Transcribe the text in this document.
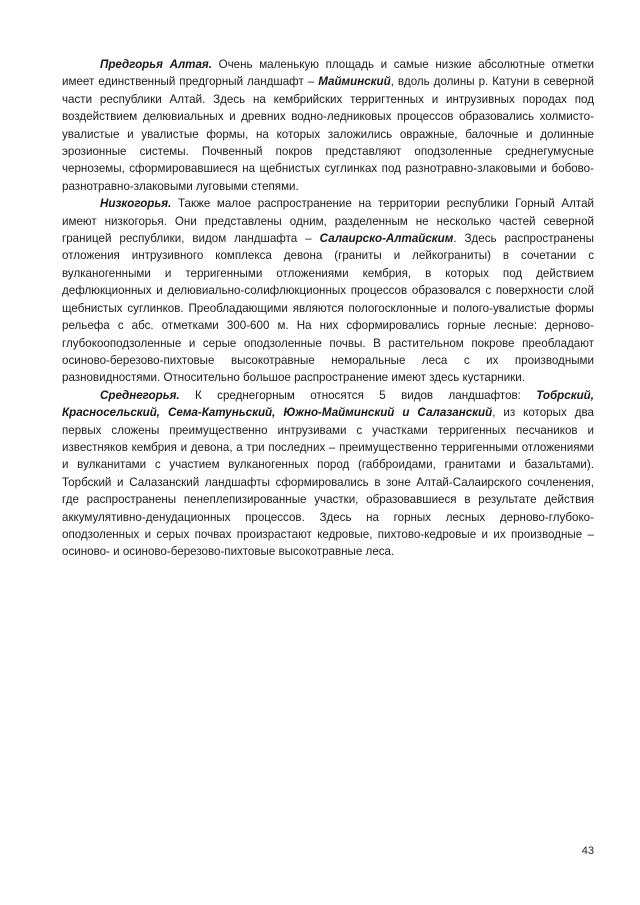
Предгорья Алтая. Очень маленькую площадь и самые низкие абсолютные отметки имеет единственный предгорный ландшафт – Майминский, вдоль долины р. Катуни в северной части республики Алтай. Здесь на кембрийских терригтенных и интрузивных породах под воздействием делювиальных и древних водно-ледниковых процессов образовались холмисто-увалистые и увалистые формы, на которых заложились овражные, балочные и долинные эрозионные системы. Почвенный покров представляют оподзоленные среднегумусные черноземы, сформировавшиеся на щебнистых суглинках под разнотравно-злаковыми и бобово-разнотравно-злаковыми луговыми степями.

Низкогорья. Также малое распространение на территории республики Горный Алтай имеют низкогорья. Они представлены одним, разделенным не несколько частей северной границей республики, видом ландшафта – Салаирско-Алтайским. Здесь распространены отложения интрузивного комплекса девона (граниты и лейкограниты) в сочетании с вулканогенными и терригенными отложениями кембрия, в которых под действием дефлюкционных и делювиально-солифлюкционных процессов образовался с поверхности слой щебнистых суглинков. Преобладающими являются пологосклонные и полого-увалистые формы рельефа с абс. отметками 300-600 м. На них сформировались горные лесные: дерново-глубокооподзоленные и серые оподзоленные почвы. В растительном покрове преобладают осиново-березово-пихтовые высокотравные неморальные леса с их производными разновидностями. Относительно большое распространение имеют здесь кустарники.

Среднегорья. К среднегорным относятся 5 видов ландшафтов: Тобрский, Красносельский, Сема-Катуньский, Южно-Майминский и Салазанский, из которых два первых сложены преимущественно интрузивами с участками терригенных песчаников и известняков кембрия и девона, а три последних – преимущественно терригенными отложениями и вулканитами с участием вулканогенных пород (габброидами, гранитами и базальтами). Торбский и Салазанский ландшафты сформировались в зоне Алтай-Салаирского сочленения, где распространены пенеплепизированные участки, образовавшиеся в результате действия аккумулятивно-денудационных процессов. Здесь на горных лесных дерново-глубоко-оподзоленных и серых почвах произрастают кедровые, пихтово-кедровые и их производные – осиново- и осиново-березово-пихтовые высокотравные леса.

43
